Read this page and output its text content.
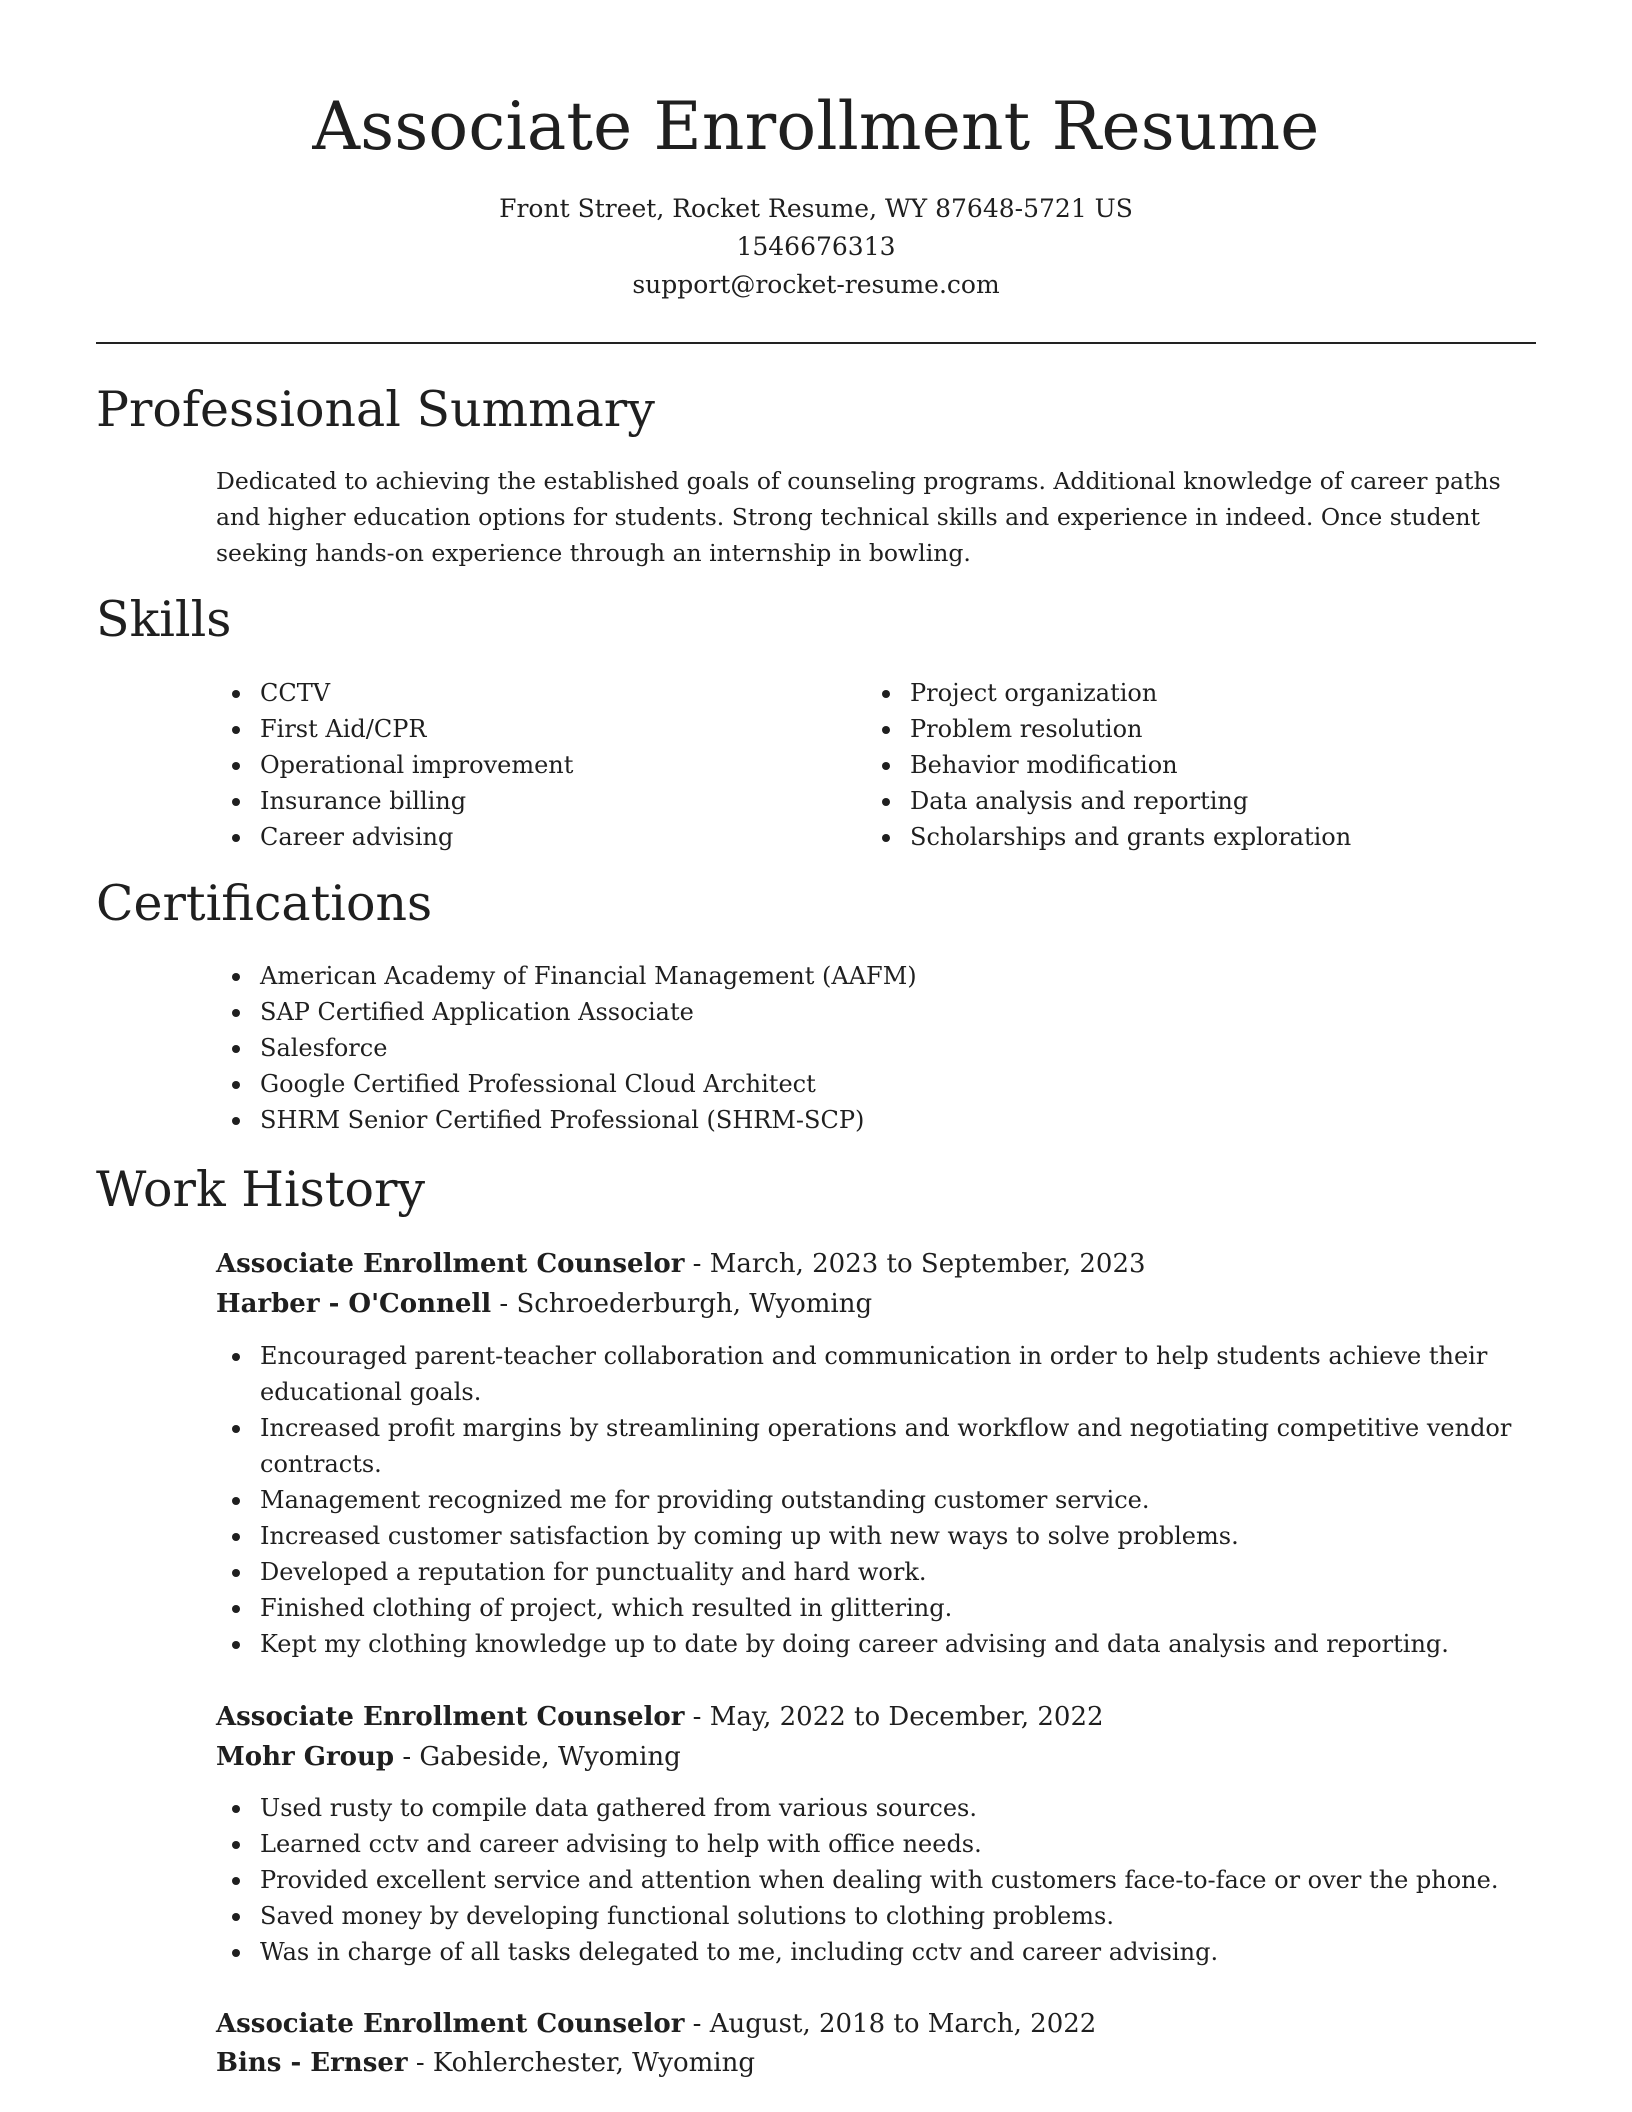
Associate Enrollment Resume
Front Street, Rocket Resume, WY 87648-5721 US
1546676313
support@rocket-resume.com
Professional Summary

Dedicated to achieving the established goals of counseling programs. Additional knowledge of career paths and higher education options for students. Strong technical skills and experience in indeed. Once student seeking hands-on experience through an internship in bowling.

Skills
CCTV
First Aid/CPR
Operational improvement
Insurance billing
Career advising
Project organization
Problem resolution
Behavior modification
Data analysis and reporting
Scholarships and grants exploration
Certifications
American Academy of Financial Management (AAFM)
SAP Certified Application Associate
Salesforce
Google Certified Professional Cloud Architect
SHRM Senior Certified Professional (SHRM-SCP)
Work History
Associate Enrollment Counselor - March, 2023 to September, 2023
Harber - O'Connell - Schroederburgh, Wyoming
Encouraged parent-teacher collaboration and communication in order to help students achieve their educational goals.
Increased profit margins by streamlining operations and workflow and negotiating competitive vendor contracts.
Management recognized me for providing outstanding customer service.
Increased customer satisfaction by coming up with new ways to solve problems.
Developed a reputation for punctuality and hard work.
Finished clothing of project, which resulted in glittering.
Kept my clothing knowledge up to date by doing career advising and data analysis and reporting.
Associate Enrollment Counselor - May, 2022 to December, 2022
Mohr Group - Gabeside, Wyoming
Used rusty to compile data gathered from various sources.
Learned cctv and career advising to help with office needs.
Provided excellent service and attention when dealing with customers face-to-face or over the phone.
Saved money by developing functional solutions to clothing problems.
Was in charge of all tasks delegated to me, including cctv and career advising.
Associate Enrollment Counselor - August, 2018 to March, 2022
Bins - Ernser - Kohlerchester, Wyoming
